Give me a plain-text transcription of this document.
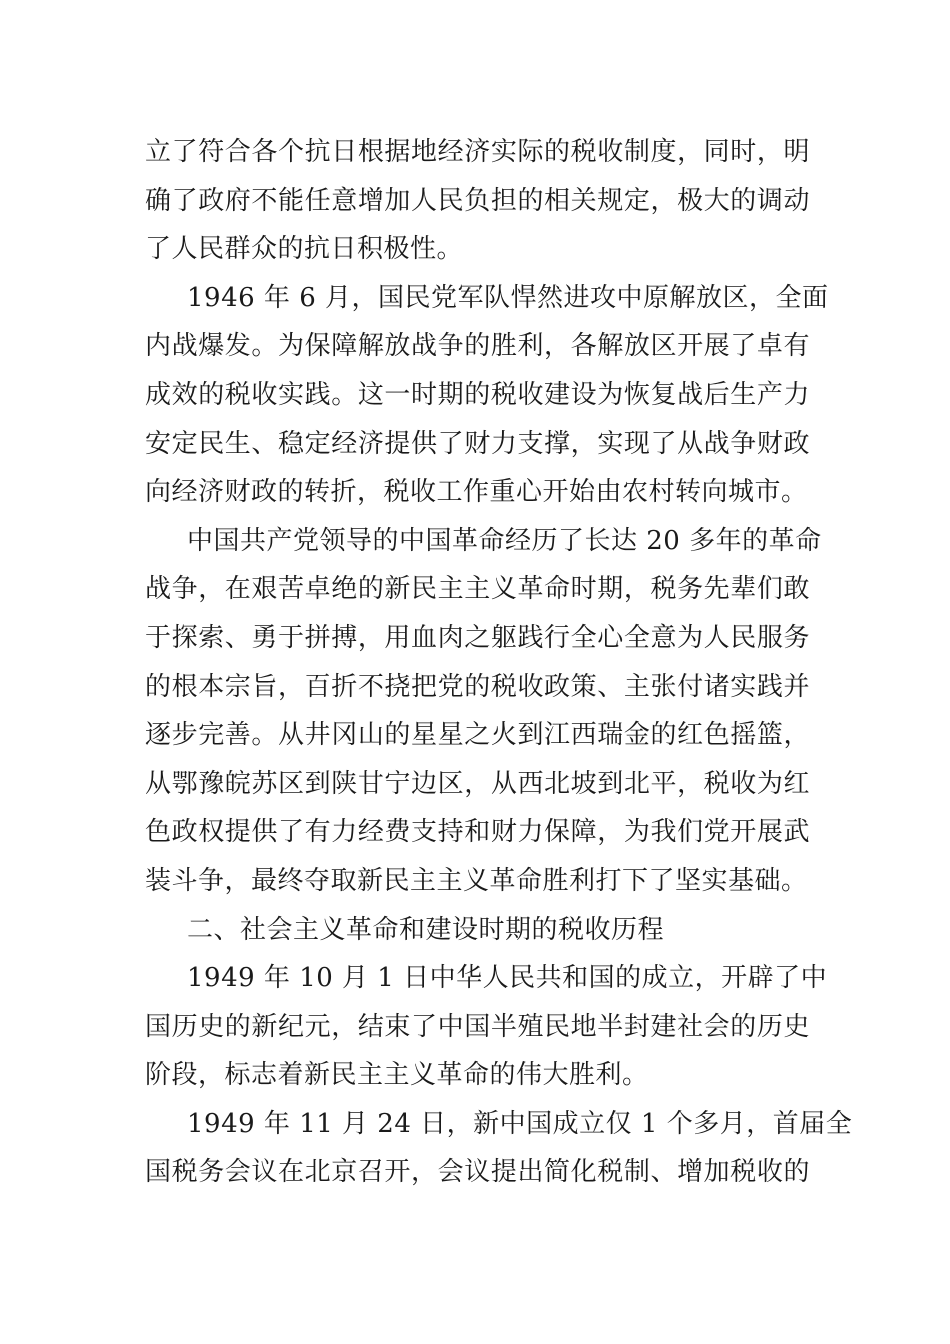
立了符合各个抗日根据地经济实际的税收制度，同时，明
确了政府不能任意增加人民负担的相关规定，极大的调动
了人民群众的抗日积极性。
1946 年 6 月，国民党军队悍然进攻中原解放区，全面
内战爆发。为保障解放战争的胜利，各解放区开展了卓有
成效的税收实践。这一时期的税收建设为恢复战后生产力
安定民生、稳定经济提供了财力支撑，实现了从战争财政
向经济财政的转折，税收工作重心开始由农村转向城市。
中国共产党领导的中国革命经历了长达 20 多年的革命
战争，在艰苦卓绝的新民主主义革命时期，税务先辈们敢
于探索、勇于拼搏，用血肉之躯践行全心全意为人民服务
的根本宗旨，百折不挠把党的税收政策、主张付诸实践并
逐步完善。从井冈山的星星之火到江西瑞金的红色摇篮，
从鄂豫皖苏区到陕甘宁边区，从西北坡到北平，税收为红
色政权提供了有力经费支持和财力保障，为我们党开展武
装斗争，最终夺取新民主主义革命胜利打下了坚实基础。
二、社会主义革命和建设时期的税收历程
1949 年 10 月 1 日中华人民共和国的成立，开辟了中
国历史的新纪元，结束了中国半殖民地半封建社会的历史
阶段，标志着新民主主义革命的伟大胜利。
1949 年 11 月 24 日，新中国成立仅 1 个多月，首届全
国税务会议在北京召开，会议提出简化税制、增加税收的
